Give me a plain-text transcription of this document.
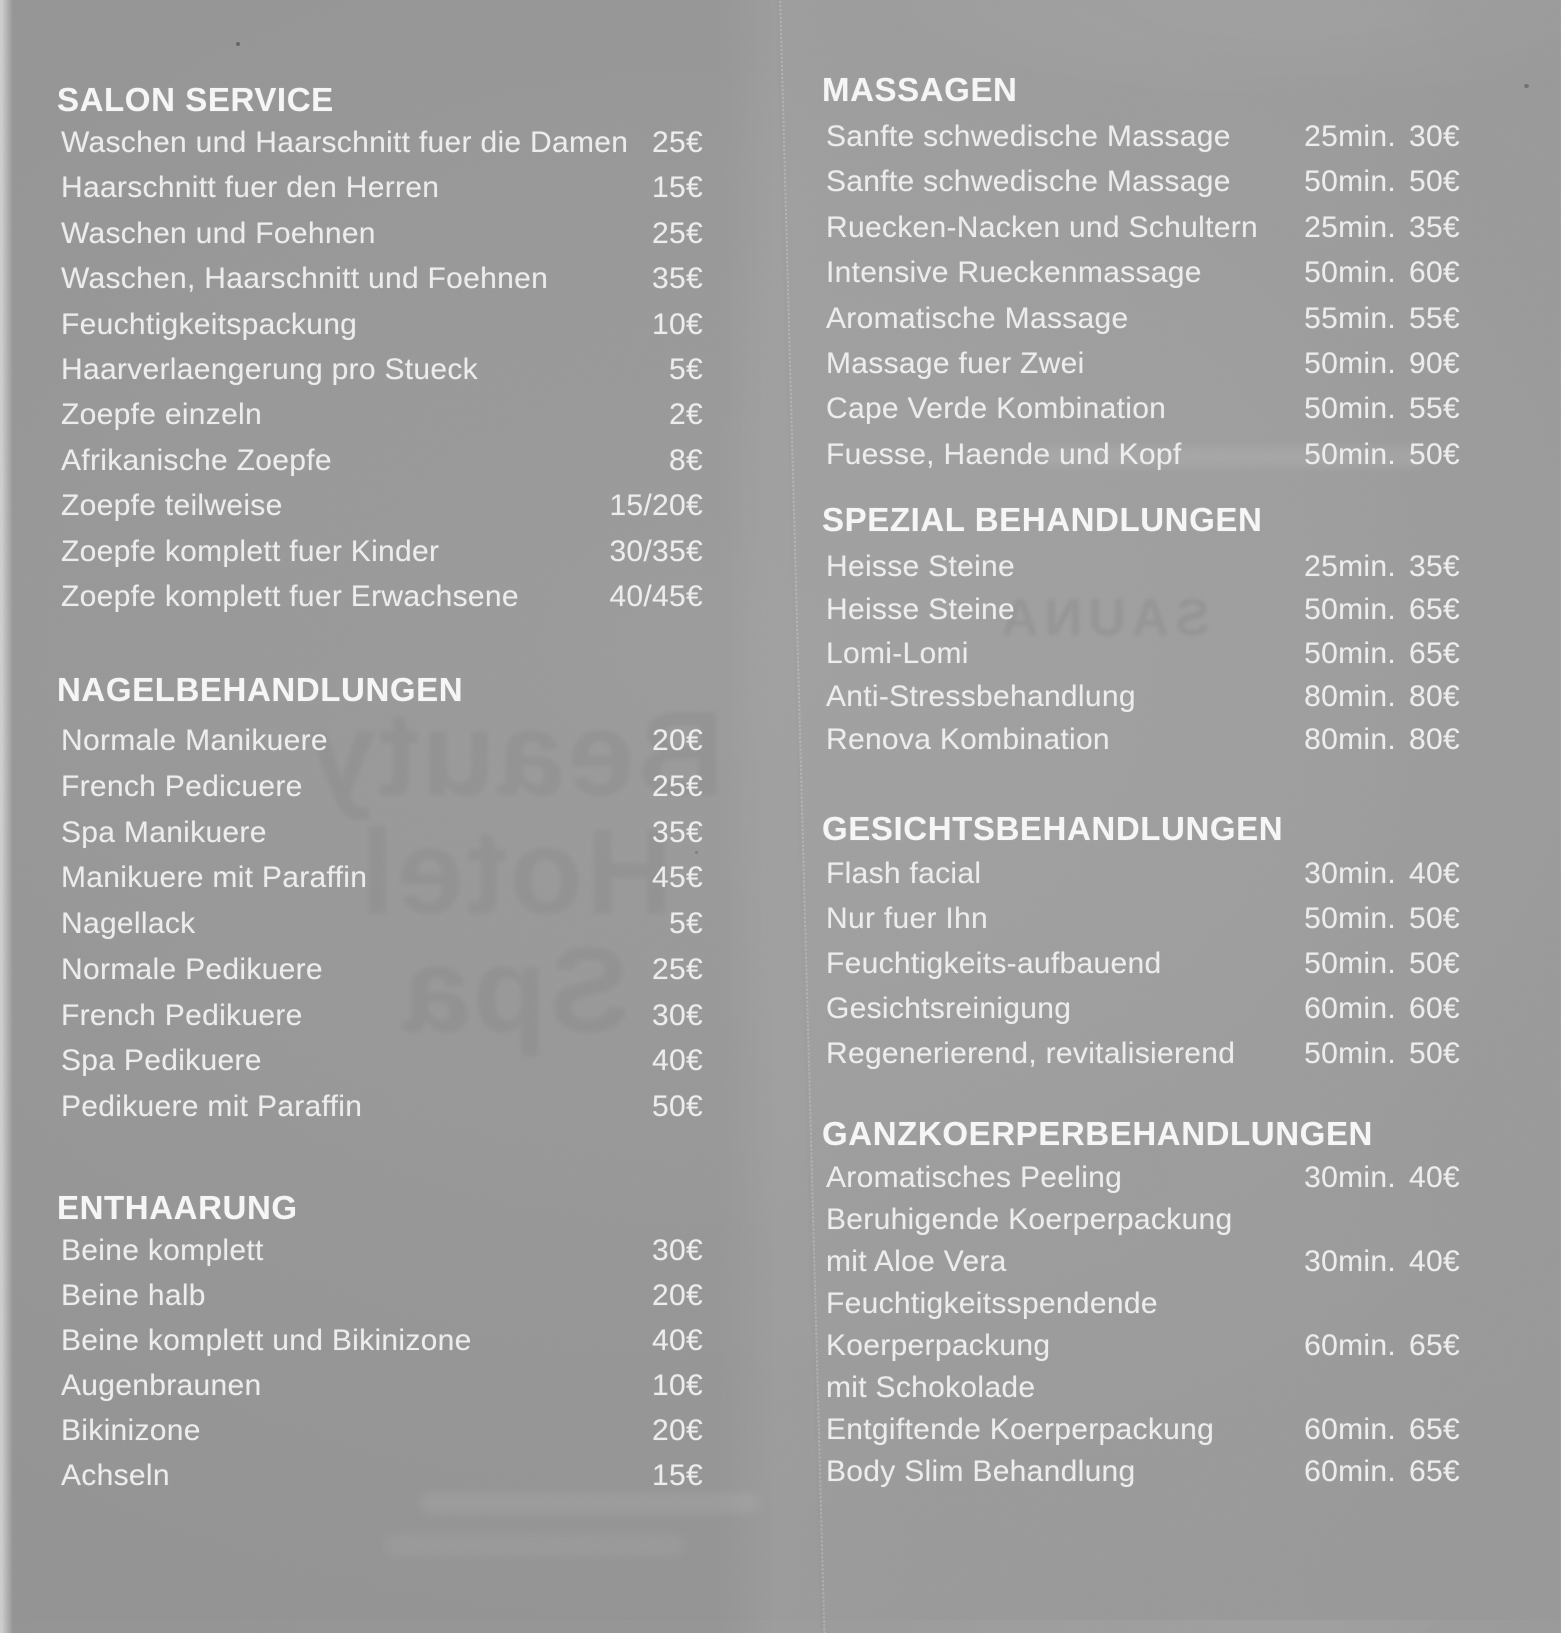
SAUNA
SALON SERVICE
Waschen und Haarschnitt fuer die Damen 25€
Haarschnitt fuer den Herren	15€
Waschen und Foehnen	25€
Waschen, Haarschnitt und Foehnen	35€
Feuchtigkeitspackung	10€
Haarverlaengerung pro Stueck	5€
Zoepfe einzeln	2€
Afrikanische Zoepfe	8€
Zoepfe teilweise	15/20€
Zoepfe komplett fuer Kinder	30/35€
Zoepfe komplett fuer Erwachsene	40/45€
NAGELBEHANDLUNGEN
Normale Manikuere	20€
French Pedicuere	25€
Spa Manikuere	35€
Manikuere mit Paraffin	45€
Nagellack	5€
Normale Pedikuere	25€
French Pedikuere	30€
Spa Pedikuere	40€
Pedikuere mit Paraffin	50€
ENTHAARUNG
Beine komplett	30€
Beine halb	20€
Beine komplett und Bikinizone	40€
Augenbraunen	10€
Bikinizone	20€
Achseln	15€
MASSAGEN
Sanfte schwedische Massage 25min. 30€
Sanfte schwedische Massage 50min. 50€
Ruecken-Nacken und Schultern 25min. 35€
Intensive Rueckenmassage	50min. 60€
Aromatische Massage	55min. 55€
Massage fuer Zwei	50min. 90€
Cape Verde Kombination	50min. 55€
Fuesse, Haende und Kopf	50min. 50€
SPEZIAL BEHANDLUNGEN
Heisse Steine	25min. 35€
Heisse Steine	50min. 65€
Lomi-Lomi	50min. 65€
Anti-Stressbehandlung	80min. 80€
Renova Kombination	80min. 80€
GESICHTSBEHANDLUNGEN
Flash facial	30min. 40€
Nur fuer Ihn	50min. 50€
Feuchtigkeits-aufbauend	50min. 50€
Gesichtsreinigung	60min. 60€
Regenerierend, revitalisierend 50min. 50€
GANZKOERPERBEHANDLUNGEN
Aromatisches Peeling	30min. 40€
Beruhigende Koerperpackung
mit Aloe Vera	30min. 40€
Feuchtigkeitsspendende
Koerperpackung	60min. 65€
mit Schokolade
Entgiftende Koerperpackung	60min. 65€
Body Slim Behandlung	60min. 65€
